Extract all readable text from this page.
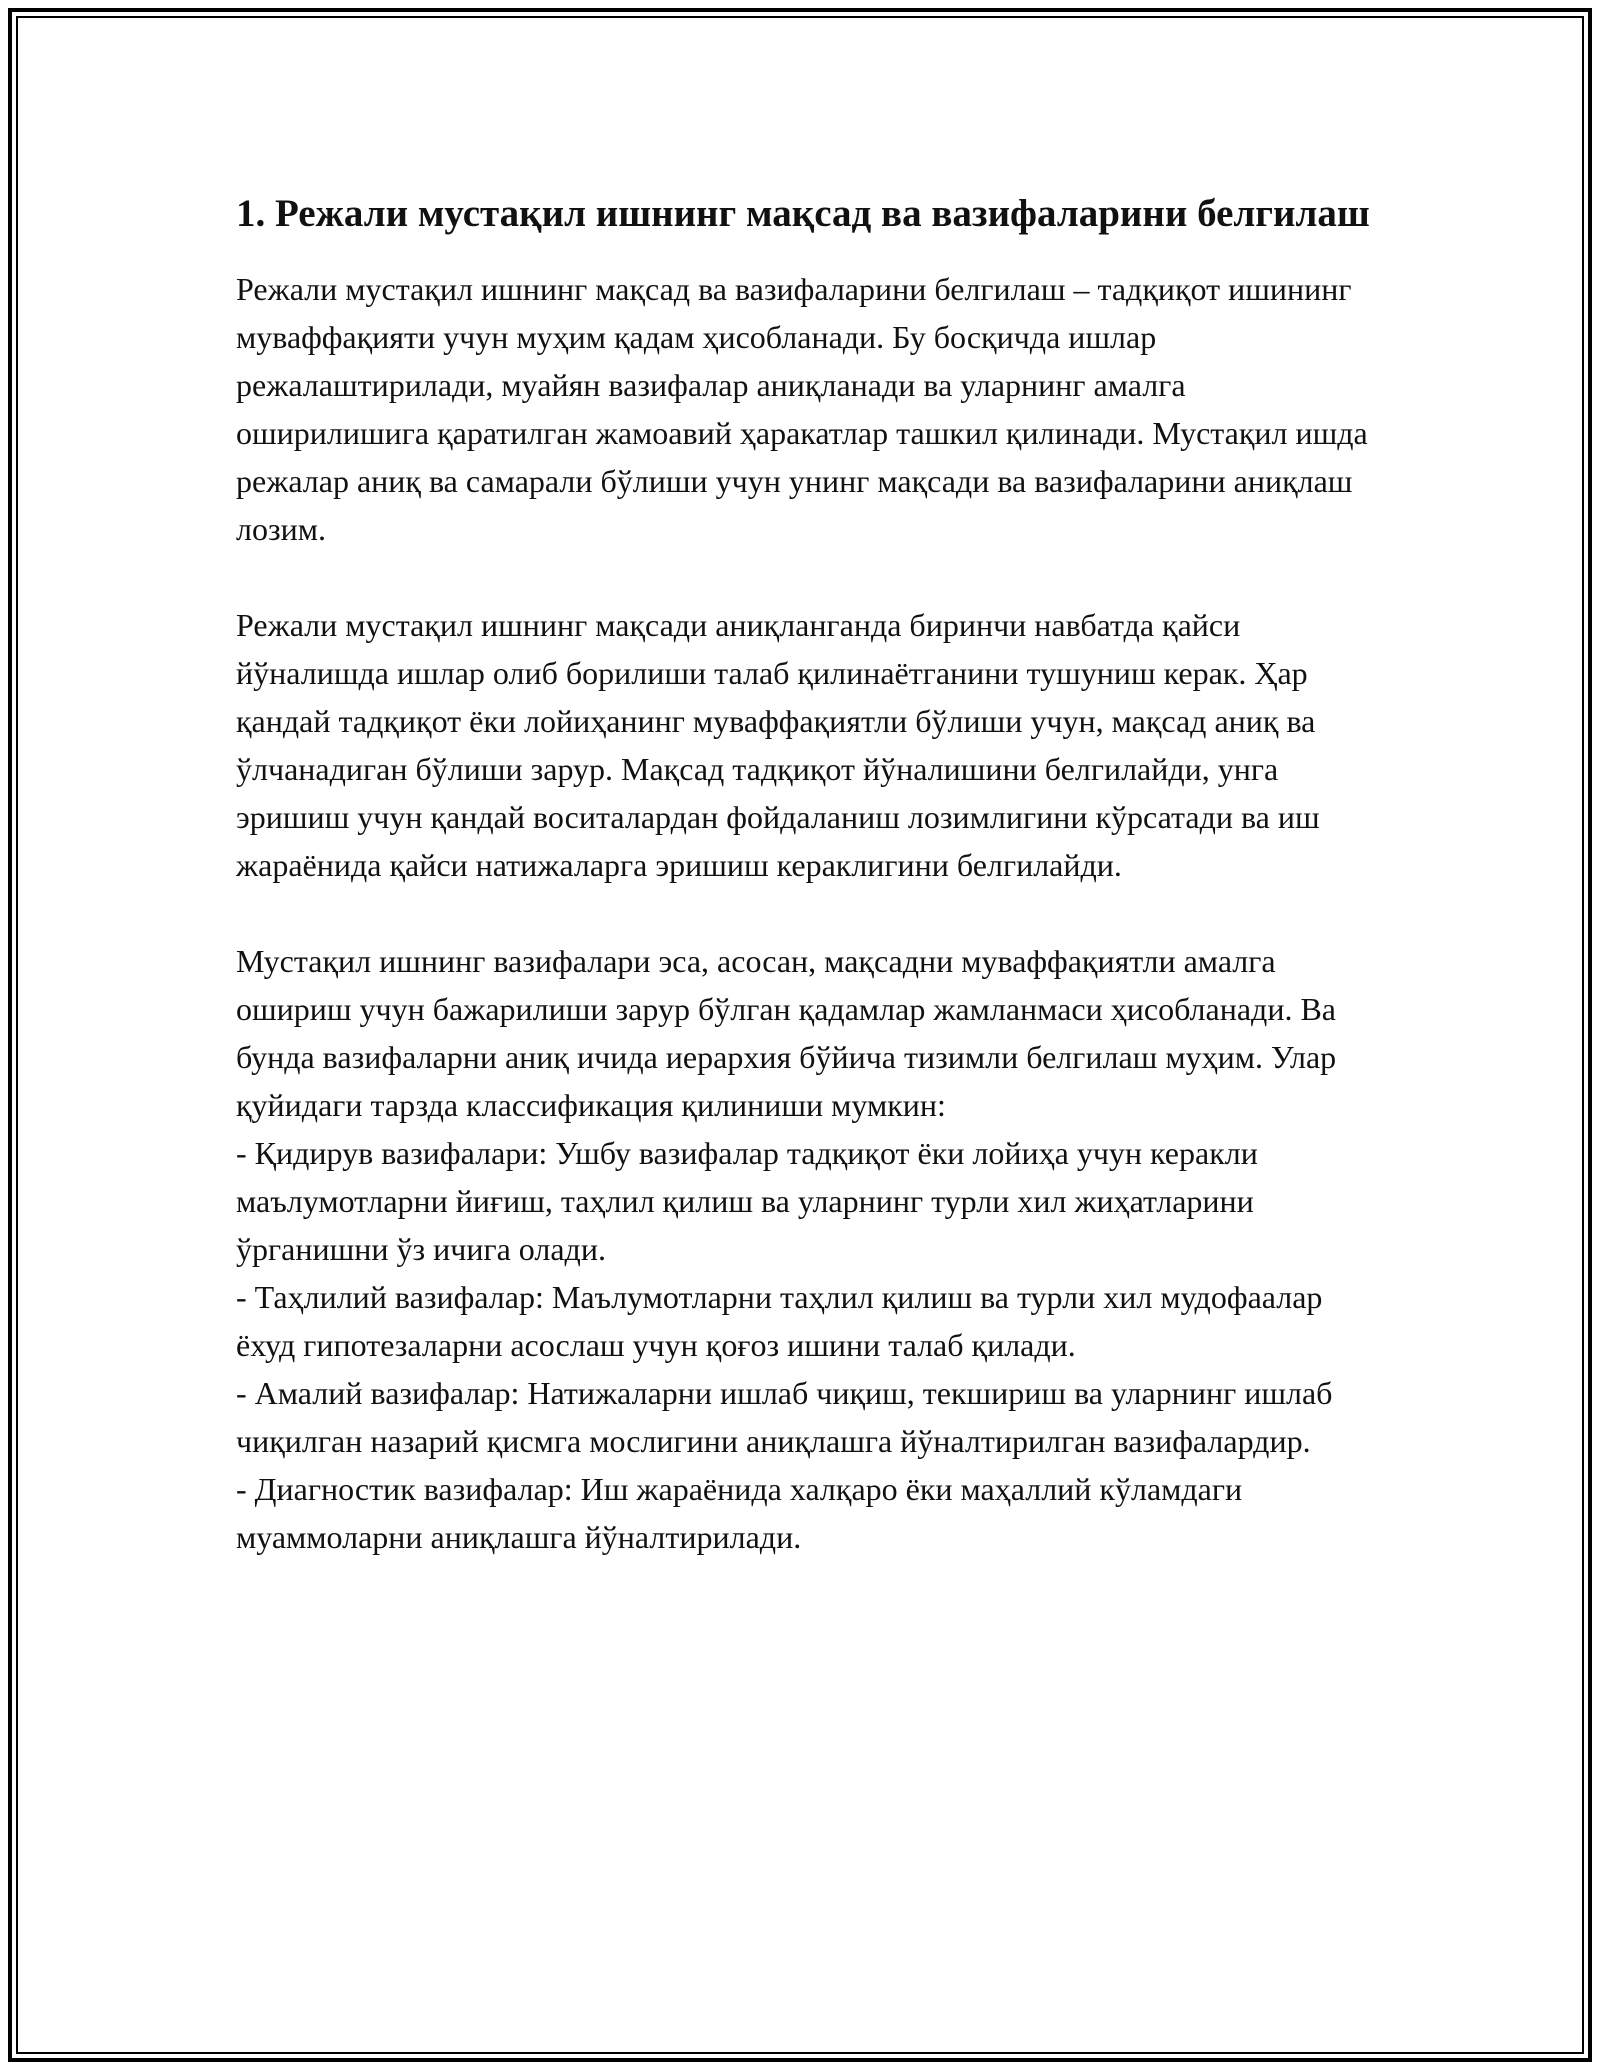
1. Режали мустақил ишнинг мақсад ва вазифаларини белгилаш

Режали мустақил ишнинг мақсад ва вазифаларини белгилаш – тадқиқот ишининг муваффақияти учун муҳим қадам ҳисобланади. Бу босқичда ишлар режалаштирилади, муайян вазифалар аниқланади ва уларнинг амалга оширилишига қаратилган жамоавий ҳаракатлар ташкил қилинади. Мустақил ишда режалар аниқ ва самарали бўлиши учун унинг мақсади ва вазифаларини аниқлаш лозим.

Режали мустақил ишнинг мақсади аниқланганда биринчи навбатда қайси йўналишда ишлар олиб борилиши талаб қилинаётганини тушуниш керак. Ҳар қандай тадқиқот ёки лойиҳанинг муваффақиятли бўлиши учун, мақсад аниқ ва ўлчанадиган бўлиши зарур. Мақсад тадқиқот йўналишини белгилайди, унга эришиш учун қандай воситалардан фойдаланиш лозимлигини кўрсатади ва иш жараёнида қайси натижаларга эришиш кераклигини белгилайди.

Мустақил ишнинг вазифалари эса, асосан, мақсадни муваффақиятли амалга ошириш учун бажарилиши зарур бўлган қадамлар жамланмаси ҳисобланади. Ва бунда вазифаларни аниқ ичида иерархия бўйича тизимли белгилаш муҳим. Улар қуйидаги тарзда классификация қилиниши мумкин:

- Қидирув вазифалари: Ушбу вазифалар тадқиқот ёки лойиҳа учун керакли маълумотларни йиғиш, таҳлил қилиш ва уларнинг турли хил жиҳатларини ўрганишни ўз ичига олади.
- Таҳлилий вазифалар: Маълумотларни таҳлил қилиш ва турли хил мудофаалар ёхуд гипотезаларни асослаш учун қоғоз ишини талаб қилади.
- Амалий вазифалар: Натижаларни ишлаб чиқиш, текшириш ва уларнинг ишлаб чиқилган назарий қисмга мослигини аниқлашга йўналтирилган вазифалардир.
- Диагностик вазифалар: Иш жараёнида халқаро ёки маҳаллий кўламдаги муаммоларни аниқлашга йўналтирилади.
